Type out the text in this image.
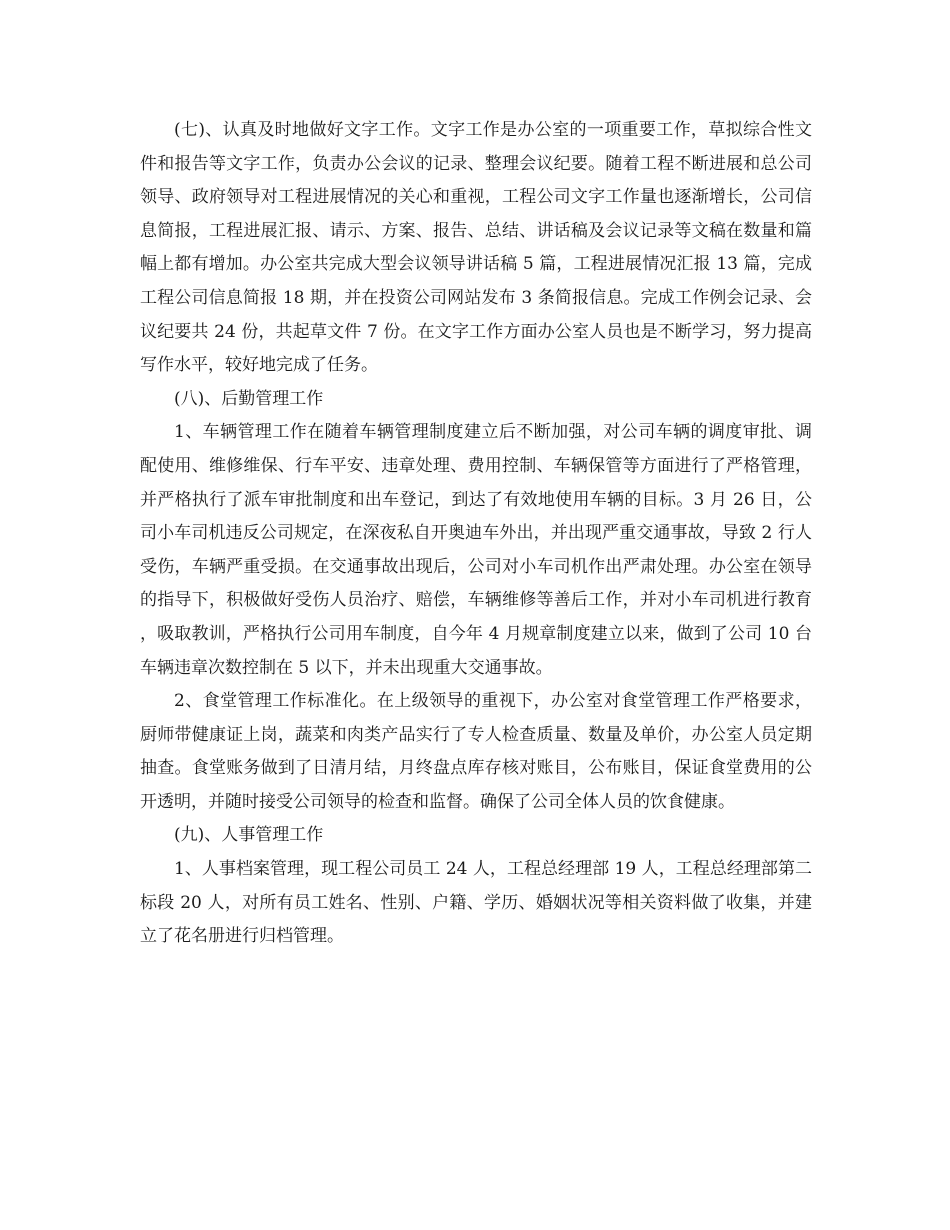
(七)、认真及时地做好文字工作。文字工作是办公室的一项重要工作，草拟综合性文件和报告等文字工作，负责办公会议的记录、整理会议纪要。随着工程不断进展和总公司领导、政府领导对工程进展情况的关心和重视，工程公司文字工作量也逐渐增长，公司信息简报，工程进展汇报、请示、方案、报告、总结、讲话稿及会议记录等文稿在数量和篇幅上都有增加。办公室共完成大型会议领导讲话稿 5 篇，工程进展情况汇报 13 篇，完成工程公司信息简报 18 期，并在投资公司网站发布 3 条简报信息。完成工作例会记录、会议纪要共 24 份，共起草文件 7 份。在文字工作方面办公室人员也是不断学习，努力提高写作水平，较好地完成了任务。

(八)、后勤管理工作

1、车辆管理工作在随着车辆管理制度建立后不断加强，对公司车辆的调度审批、调配使用、维修维保、行车平安、违章处理、费用控制、车辆保管等方面进行了严格管理，并严格执行了派车审批制度和出车登记，到达了有效地使用车辆的目标。3 月 26 日，公司小车司机违反公司规定，在深夜私自开奥迪车外出，并出现严重交通事故，导致 2 行人受伤，车辆严重受损。在交通事故出现后，公司对小车司机作出严肃处理。办公室在领导的指导下，积极做好受伤人员治疗、赔偿，车辆维修等善后工作，并对小车司机进行教育，吸取教训，严格执行公司用车制度，自今年 4 月规章制度建立以来，做到了公司 10 台车辆违章次数控制在 5 以下，并未出现重大交通事故。

2、食堂管理工作标准化。在上级领导的重视下，办公室对食堂管理工作严格要求，厨师带健康证上岗，蔬菜和肉类产品实行了专人检查质量、数量及单价，办公室人员定期抽查。食堂账务做到了日清月结，月终盘点库存核对账目，公布账目，保证食堂费用的公开透明，并随时接受公司领导的检查和监督。确保了公司全体人员的饮食健康。

(九)、人事管理工作

1、人事档案管理，现工程公司员工 24 人，工程总经理部 19 人，工程总经理部第二标段 20 人，对所有员工姓名、性别、户籍、学历、婚姻状况等相关资料做了收集，并建立了花名册进行归档管理。
